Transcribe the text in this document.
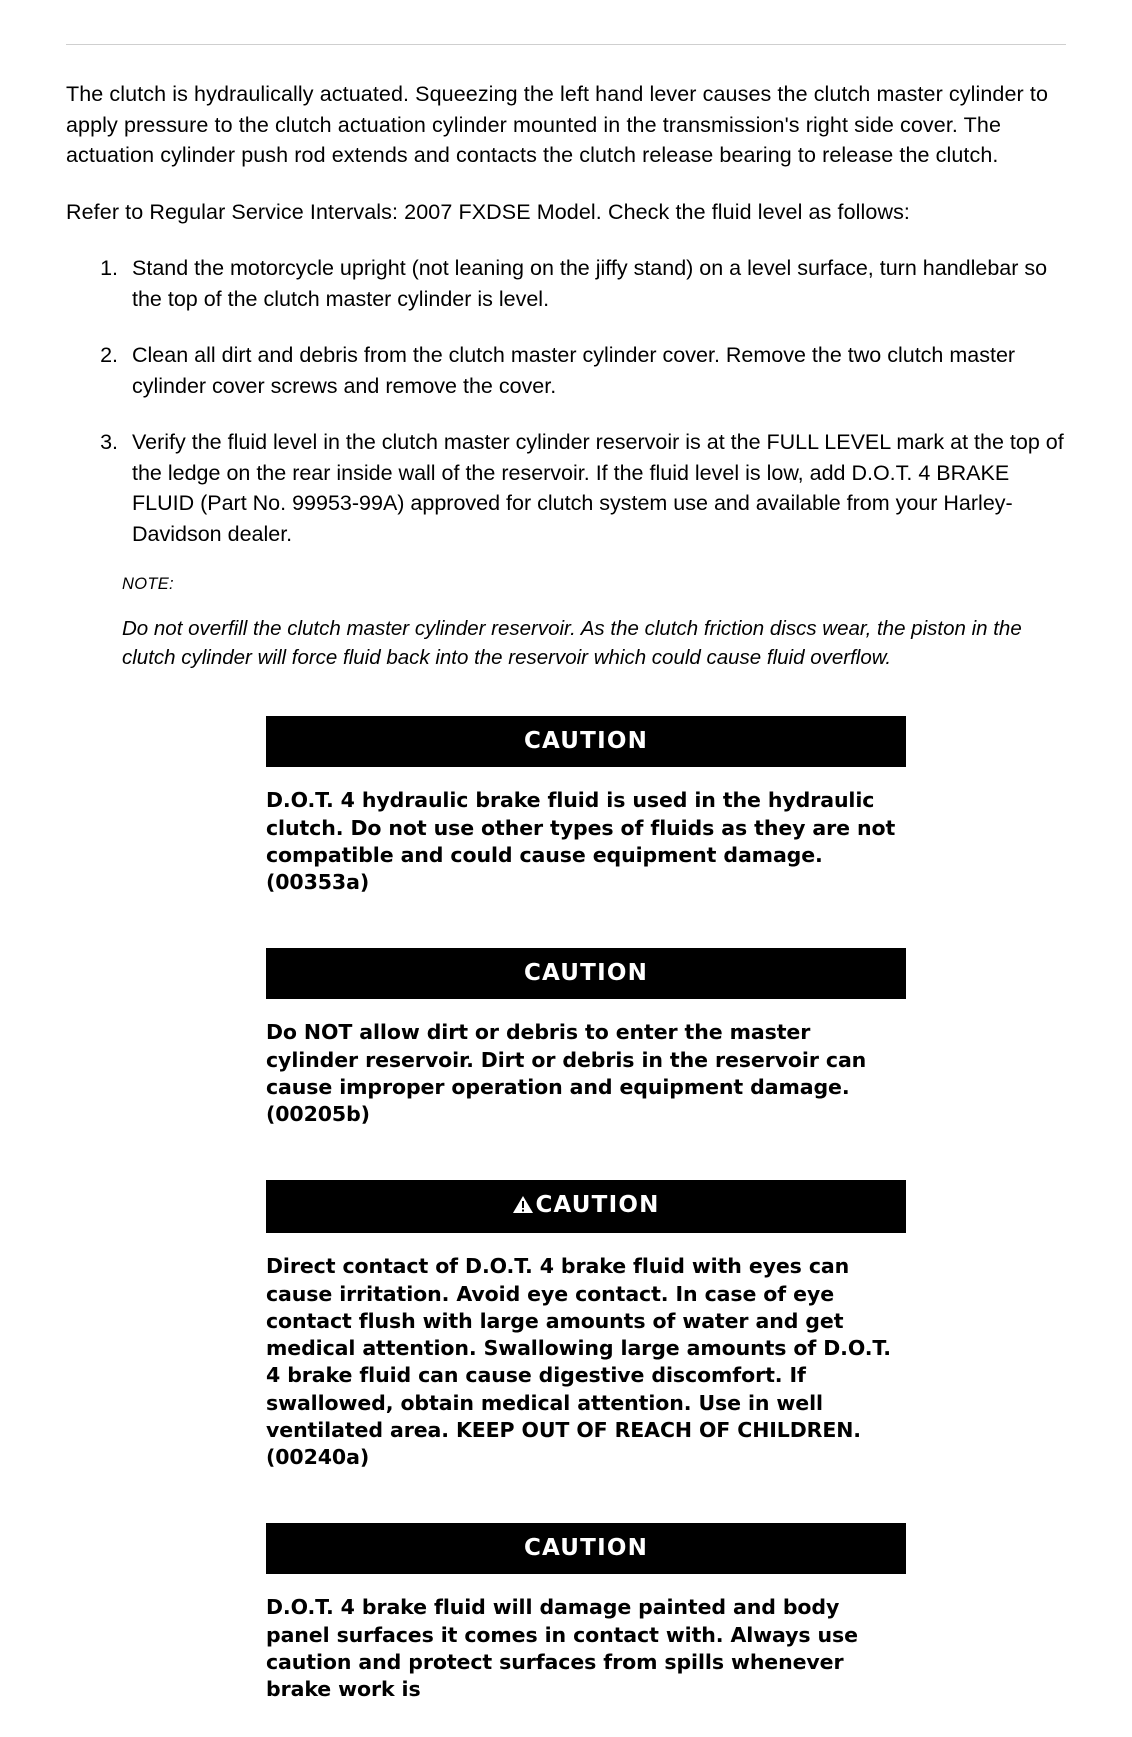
The clutch is hydraulically actuated. Squeezing the left hand lever causes the clutch master cylinder to apply pressure to the clutch actuation cylinder mounted in the transmission's right side cover. The actuation cylinder push rod extends and contacts the clutch release bearing to release the clutch.

Refer to Regular Service Intervals: 2007 FXDSE Model. Check the fluid level as follows:

1. Stand the motorcycle upright (not leaning on the jiffy stand) on a level surface, turn handlebar so the top of the clutch master cylinder is level.
2. Clean all dirt and debris from the clutch master cylinder cover. Remove the two clutch master cylinder cover screws and remove the cover.
3. Verify the fluid level in the clutch master cylinder reservoir is at the FULL LEVEL mark at the top of the ledge on the rear inside wall of the reservoir. If the fluid level is low, add D.O.T. 4 BRAKE FLUID (Part No. 99953-99A) approved for clutch system use and available from your Harley-Davidson dealer.
NOTE:
Do not overfill the clutch master cylinder reservoir. As the clutch friction discs wear, the piston in the clutch cylinder will force fluid back into the reservoir which could cause fluid overflow.
CAUTION
D.O.T. 4 hydraulic brake fluid is used in the hydraulic clutch. Do not use other types of fluids as they are not compatible and could cause equipment damage. (00353a)
CAUTION
Do NOT allow dirt or debris to enter the master cylinder reservoir. Dirt or debris in the reservoir can cause improper operation and equipment damage. (00205b)
CAUTION
Direct contact of D.O.T. 4 brake fluid with eyes can cause irritation. Avoid eye contact. In case of eye contact flush with large amounts of water and get medical attention. Swallowing large amounts of D.O.T. 4 brake fluid can cause digestive discomfort. If swallowed, obtain medical attention. Use in well ventilated area. KEEP OUT OF REACH OF CHILDREN. (00240a)
CAUTION
D.O.T. 4 brake fluid will damage painted and body panel surfaces it comes in contact with. Always use caution and protect surfaces from spills whenever brake work is
